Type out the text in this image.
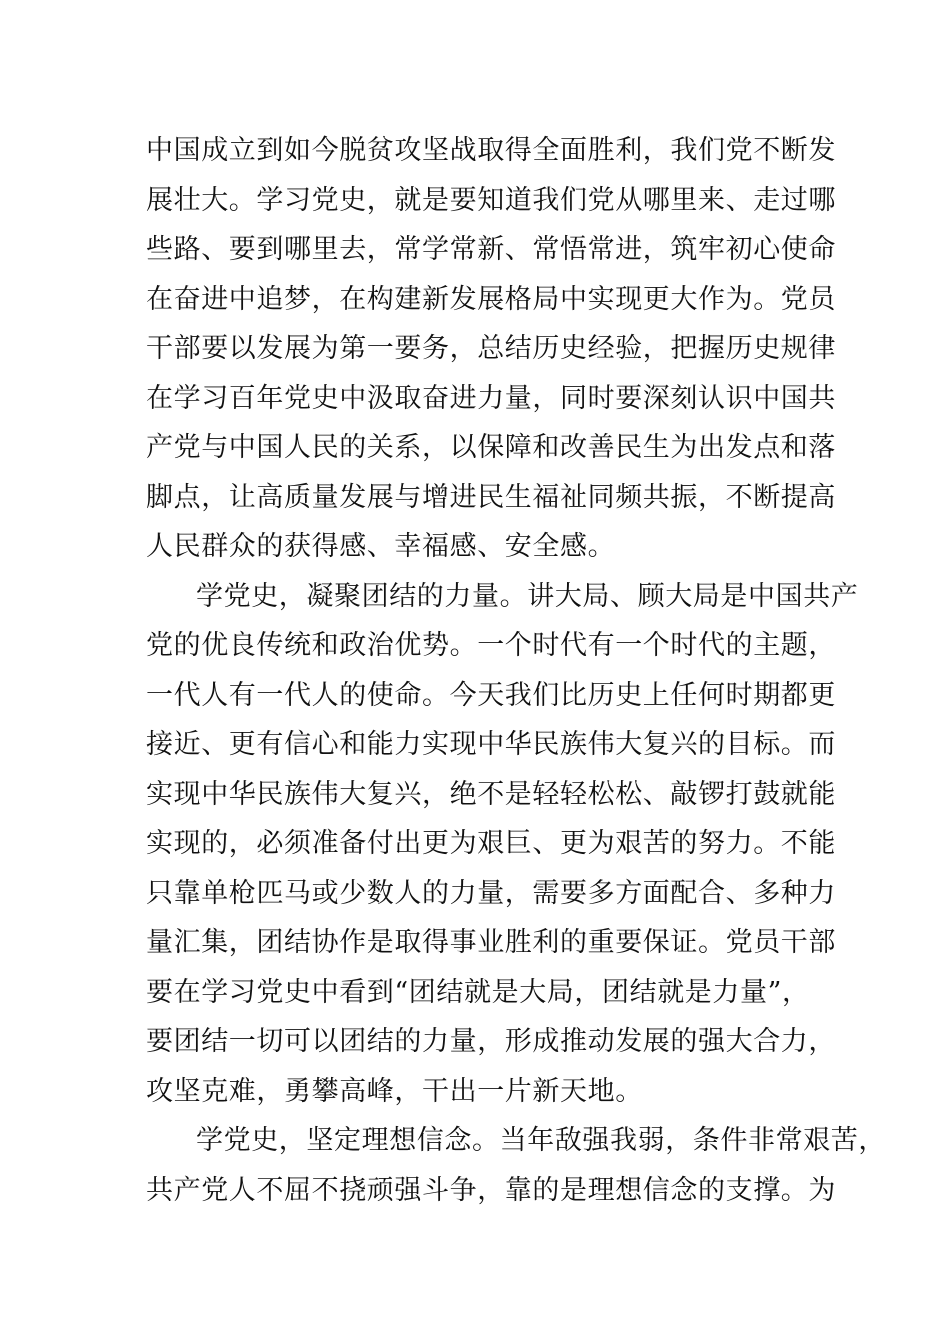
中国成立到如今脱贫攻坚战取得全面胜利，我们党不断发
展壮大。学习党史，就是要知道我们党从哪里来、走过哪
些路、要到哪里去，常学常新、常悟常进，筑牢初心使命
在奋进中追梦，在构建新发展格局中实现更大作为。党员
干部要以发展为第一要务，总结历史经验，把握历史规律
在学习百年党史中汲取奋进力量，同时要深刻认识中国共
产党与中国人民的关系，以保障和改善民生为出发点和落
脚点，让高质量发展与增进民生福祉同频共振，不断提高
人民群众的获得感、幸福感、安全感。
学党史，凝聚团结的力量。讲大局、顾大局是中国共产
党的优良传统和政治优势。一个时代有一个时代的主题，
一代人有一代人的使命。今天我们比历史上任何时期都更
接近、更有信心和能力实现中华民族伟大复兴的目标。而
实现中华民族伟大复兴，绝不是轻轻松松、敲锣打鼓就能
实现的，必须准备付出更为艰巨、更为艰苦的努力。不能
只靠单枪匹马或少数人的力量，需要多方面配合、多种力
量汇集，团结协作是取得事业胜利的重要保证。党员干部
要在学习党史中看到“团结就是大局，团结就是力量”，
要团结一切可以团结的力量，形成推动发展的强大合力，
攻坚克难，勇攀高峰，干出一片新天地。
学党史，坚定理想信念。当年敌强我弱，条件非常艰苦，
共产党人不屈不挠顽强斗争，靠的是理想信念的支撑。为
